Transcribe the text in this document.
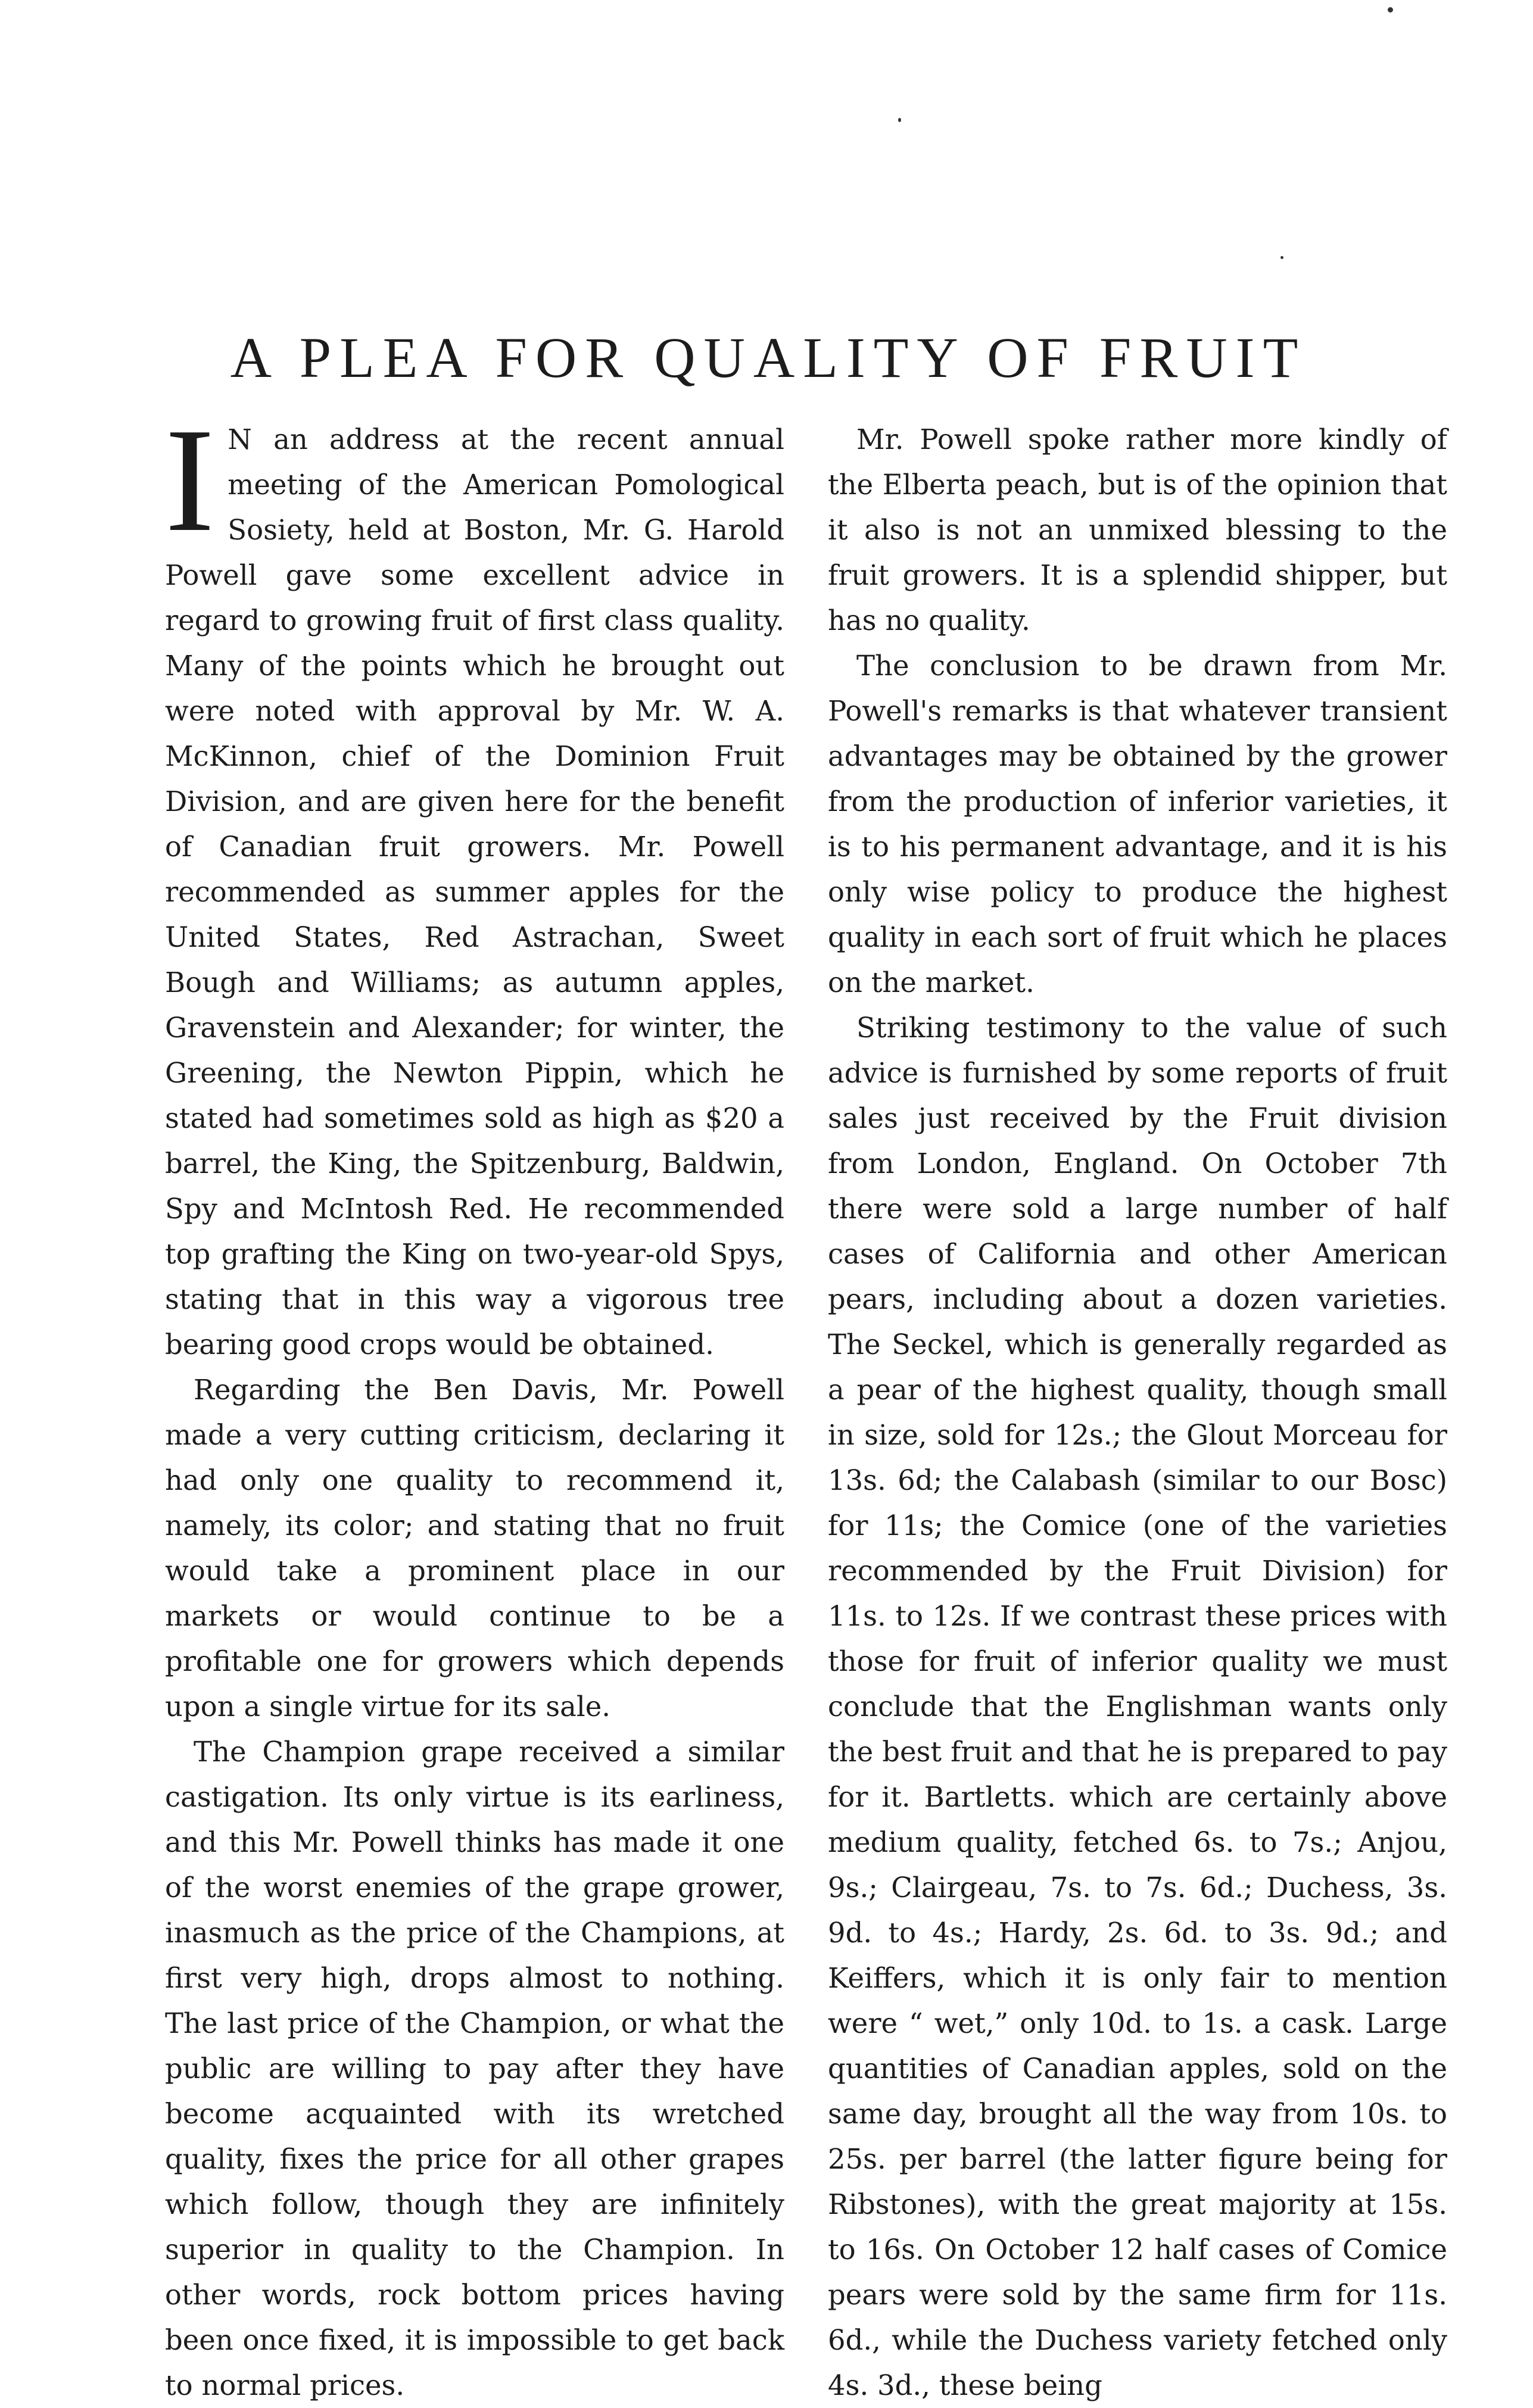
A PLEA FOR QUALITY OF FRUIT

I N an address at the recent annual meeting of the American Pomological Sosiety, held at Boston, Mr. G. Harold Powell gave some excellent advice in regard to growing fruit of first class quality. Many of the points which he brought out were noted with approval by Mr. W. A. McKinnon, chief of the Dominion Fruit Division, and are given here for the benefit of Canadian fruit growers. Mr. Powell recommended as summer apples for the United States, Red Astrachan, Sweet Bough and Williams; as autumn apples, Gravenstein and Alexander; for winter, the Greening, the Newton Pippin, which he stated had sometimes sold as high as $20 a barrel, the King, the Spitzenburg, Baldwin, Spy and McIntosh Red. He recommended top grafting the King on two-year-old Spys, stating that in this way a vigorous tree bearing good crops would be obtained.

Regarding the Ben Davis, Mr. Powell made a very cutting criticism, declaring it had only one quality to recommend it, namely, its color; and stating that no fruit would take a prominent place in our markets or would continue to be a profitable one for growers which depends upon a single virtue for its sale.

The Champion grape received a similar castigation. Its only virtue is its earliness, and this Mr. Powell thinks has made it one of the worst enemies of the grape grower, inasmuch as the price of the Champions, at first very high, drops almost to nothing. The last price of the Champion, or what the public are willing to pay after they have become acquainted with its wretched quality, fixes the price for all other grapes which follow, though they are infinitely superior in quality to the Champion. In other words, rock bottom prices having been once fixed, it is impossible to get back to normal prices.

Mr. Powell spoke rather more kindly of the Elberta peach, but is of the opinion that it also is not an unmixed blessing to the fruit growers. It is a splendid shipper, but has no quality.

The conclusion to be drawn from Mr. Powell's remarks is that whatever transient advantages may be obtained by the grower from the production of inferior varieties, it is to his permanent advantage, and it is his only wise policy to produce the highest quality in each sort of fruit which he places on the market.

Striking testimony to the value of such advice is furnished by some reports of fruit sales just received by the Fruit division from London, England. On October 7th there were sold a large number of half cases of California and other American pears, including about a dozen varieties. The Seckel, which is generally regarded as a pear of the highest quality, though small in size, sold for 12s.; the Glout Morceau for 13s. 6d; the Calabash (similar to our Bosc) for 11s; the Comice (one of the varieties recommended by the Fruit Division) for 11s. to 12s. If we contrast these prices with those for fruit of inferior quality we must conclude that the Englishman wants only the best fruit and that he is prepared to pay for it. Bartletts. which are certainly above medium quality, fetched 6s. to 7s.; Anjou, 9s.; Clairgeau, 7s. to 7s. 6d.; Duchess, 3s. 9d. to 4s.; Hardy, 2s. 6d. to 3s. 9d.; and Keiffers, which it is only fair to mention were “ wet,” only 10d. to 1s. a cask. Large quantities of Canadian apples, sold on the same day, brought all the way from 10s. to 25s. per barrel (the latter figure being for Ribstones), with the great majority at 15s. to 16s. On October 12 half cases of Comice pears were sold by the same firm for 11s. 6d., while the Duchess variety fetched only 4s. 3d., these being
